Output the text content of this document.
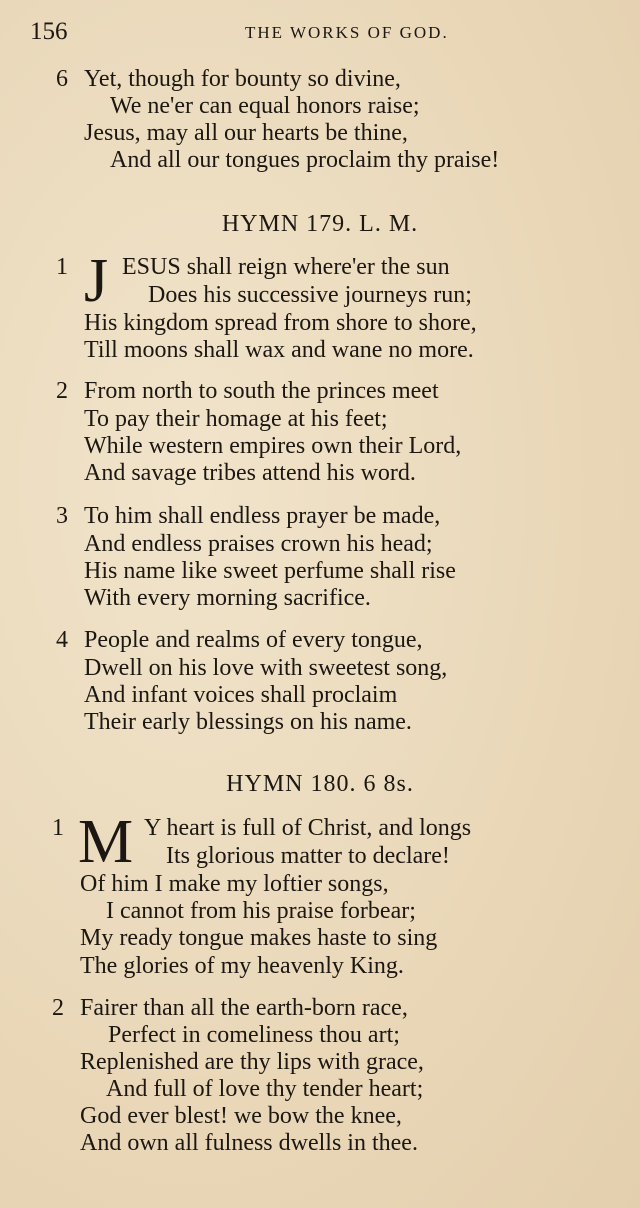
156	THE WORKS OF GOD.
6 Yet, though for bounty so divine,
We ne'er can equal honors raise;
Jesus, may all our hearts be thine,
And all our tongues proclaim thy praise!
HYMN 179. L. M.
1 J ESUS shall reign where'er the sun
Does his successive journeys run;
His kingdom spread from shore to shore,
Till moons shall wax and wane no more.
2 From north to south the princes meet
To pay their homage at his feet;
While western empires own their Lord,
And savage tribes attend his word.
3 To him shall endless prayer be made,
And endless praises crown his head;
His name like sweet perfume shall rise
With every morning sacrifice.
4 People and realms of every tongue,
Dwell on his love with sweetest song,
And infant voices shall proclaim
Their early blessings on his name.
HYMN 180. 6 8s.
1 M Y heart is full of Christ, and longs
Its glorious matter to declare!
Of him I make my loftier songs,
I cannot from his praise forbear;
My ready tongue makes haste to sing
The glories of my heavenly King.
2 Fairer than all the earth-born race,
Perfect in comeliness thou art;
Replenished are thy lips with grace,
And full of love thy tender heart;
God ever blest! we bow the knee,
And own all fulness dwells in thee.
